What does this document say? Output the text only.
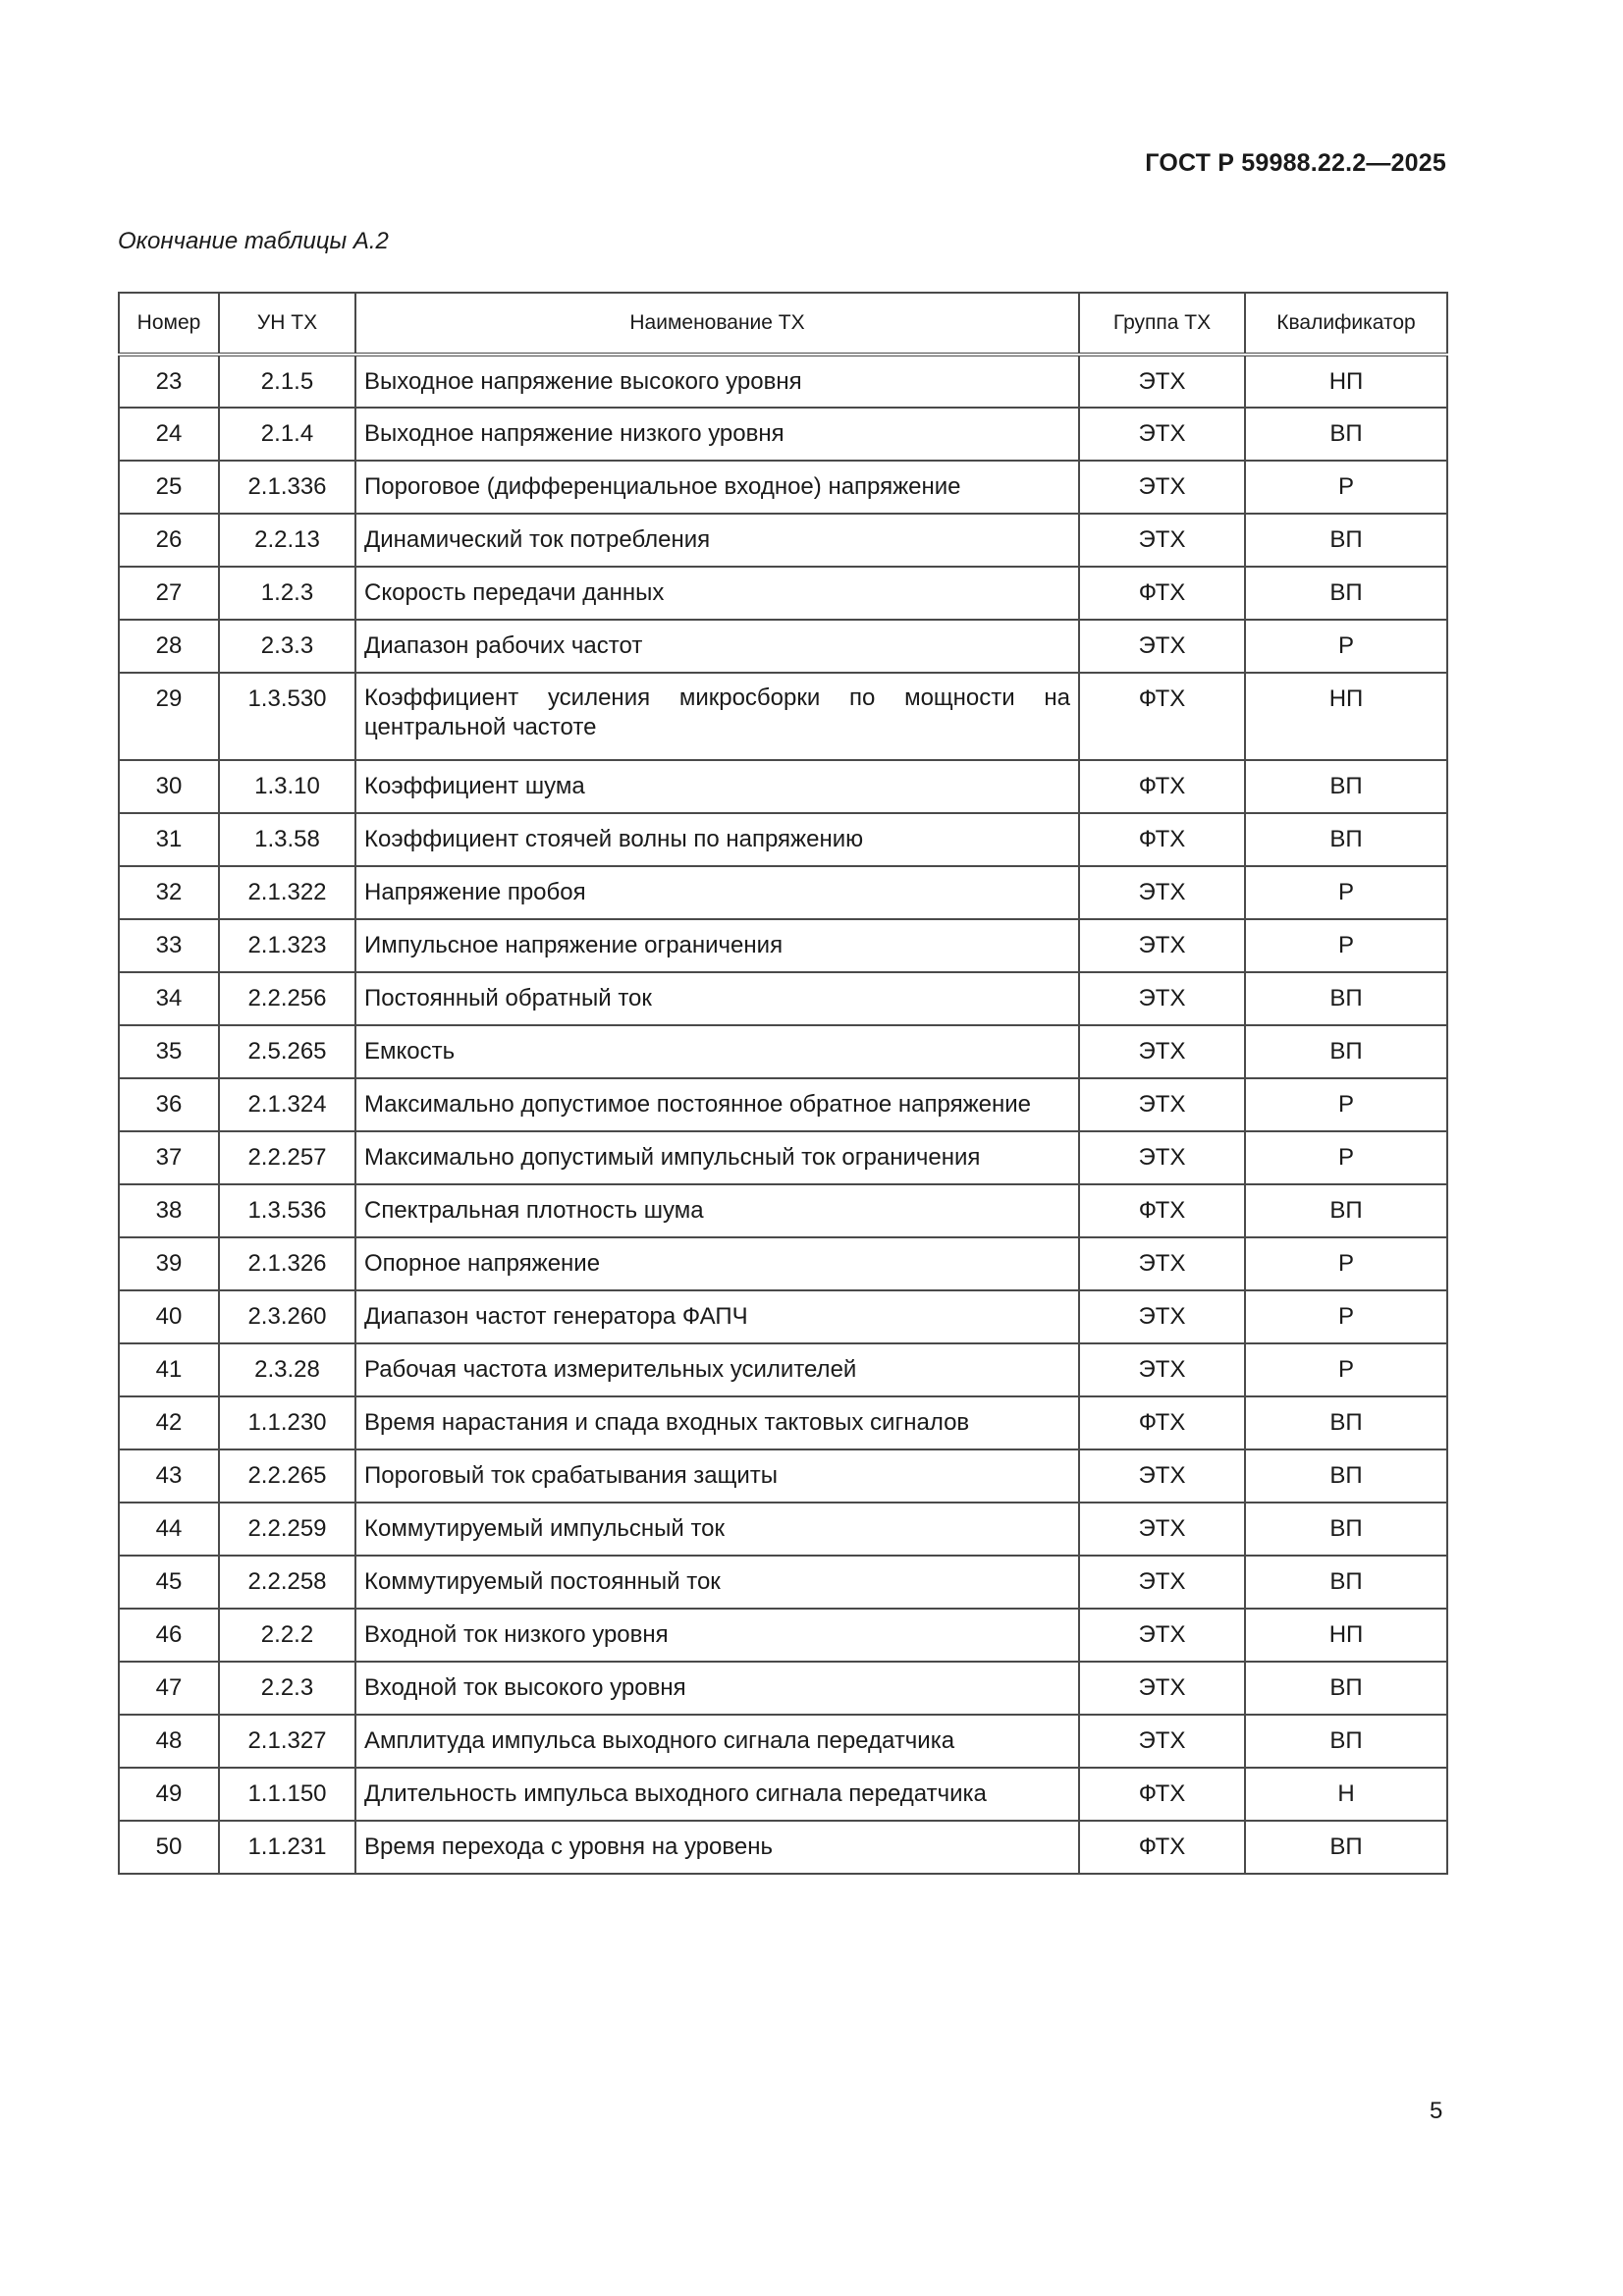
ГОСТ Р 59988.22.2—2025
Окончание таблицы А.2
Номер	УН ТХ	Наименование ТХ	Группа ТХ	Квалификатор
23	2.1.5	Выходное напряжение высокого уровня	ЭТХ	НП
24	2.1.4	Выходное напряжение низкого уровня	ЭТХ	ВП
25	2.1.336	Пороговое (дифференциальное входное) напряжение	ЭТХ	Р
26	2.2.13	Динамический ток потребления	ЭТХ	ВП
27	1.2.3	Скорость передачи данных	ФТХ	ВП
28	2.3.3	Диапазон рабочих частот	ЭТХ	Р
29	1.3.530	Коэффициент усиления микросборки по мощности на центральной частоте	ФТХ	НП
30	1.3.10	Коэффициент шума	ФТХ	ВП
31	1.3.58	Коэффициент стоячей волны по напряжению	ФТХ	ВП
32	2.1.322	Напряжение пробоя	ЭТХ	Р
33	2.1.323	Импульсное напряжение ограничения	ЭТХ	Р
34	2.2.256	Постоянный обратный ток	ЭТХ	ВП
35	2.5.265	Емкость	ЭТХ	ВП
36	2.1.324	Максимально допустимое постоянное обратное напряжение	ЭТХ	Р
37	2.2.257	Максимально допустимый импульсный ток ограничения	ЭТХ	Р
38	1.3.536	Спектральная плотность шума	ФТХ	ВП
39	2.1.326	Опорное напряжение	ЭТХ	Р
40	2.3.260	Диапазон частот генератора ФАПЧ	ЭТХ	Р
41	2.3.28	Рабочая частота измерительных усилителей	ЭТХ	Р
42	1.1.230	Время нарастания и спада входных тактовых сигналов	ФТХ	ВП
43	2.2.265	Пороговый ток срабатывания защиты	ЭТХ	ВП
44	2.2.259	Коммутируемый импульсный ток	ЭТХ	ВП
45	2.2.258	Коммутируемый постоянный ток	ЭТХ	ВП
46	2.2.2	Входной ток низкого уровня	ЭТХ	НП
47	2.2.3	Входной ток высокого уровня	ЭТХ	ВП
48	2.1.327	Амплитуда импульса выходного сигнала передатчика	ЭТХ	ВП
49	1.1.150	Длительность импульса выходного сигнала передатчика	ФТХ	Н
50	1.1.231	Время перехода с уровня на уровень	ФТХ	ВП
5
